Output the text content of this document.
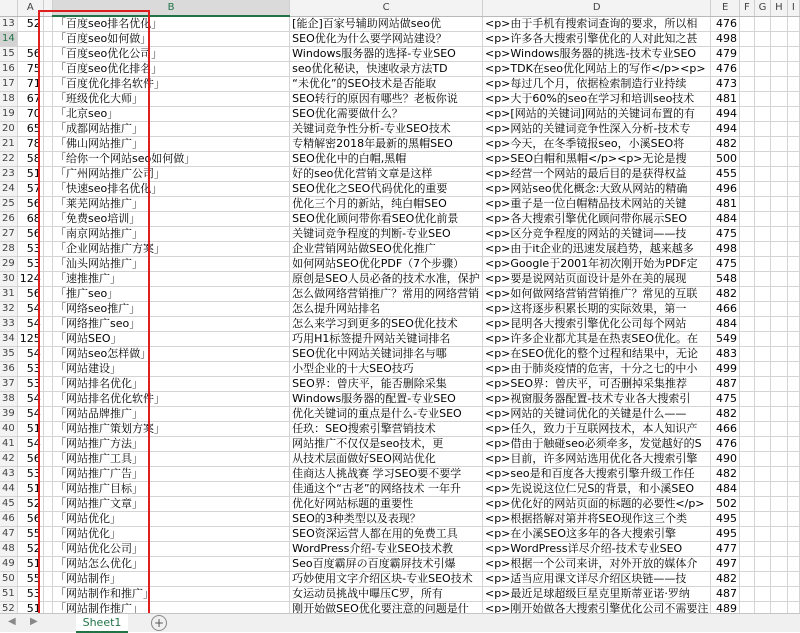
	A		B	C	D	E	F	G	H	I
13	52		「百度seo排名优化」	[能企]百家号辅助网站做seo优	<p>由于手机有搜索词查询的要求，所以相	476				
14			「百度seo如何做」	SEO优化为什么要学网站建设？	<p>许多各大搜索引擎优化的人对此知之甚	498				
15	56		「百度seo优化公司」	Windows服务器的选择-专业SEO	<p>Windows服务器的挑选-技术专业SEO	479				
16	75		「百度seo优化排名」	seo优化秘诀，快速收录方法TD	<p>TDK在seo优化网站上的写作</p><p>	476				
17	71		「百度优化排名软件」	“未优化”的SEO技术是否能取	<p>每过几个月，依据检索制造行业持续	473				
18	67		「班级优化大师」	SEO转行的原因有哪些？老板你说	<p>大于60%的seo在学习和培训seo技术	481				
19	70		「北京seo」	SEO优化需要做什么？	<p>[网站的关键词]网站的关键词布置的有	494				
20	65		「成都网站推广」	关键词竞争性分析-专业SEO技术	<p>网站的关键词竞争性深入分析-技术专	494				
21	78		「佛山网站推广」	专精解密2018年最新的黑帽SEO	<p>今天，在冬季镜报seo，小溪SEO将	482				
22	58		「给你一个网站seo如何做」	SEO优化中的白帽,黑帽	<p>SEO白帽和黑帽</p><p>无论是搜	500				
23	51		「广州网站推广公司」	好的seo优化营销文章是这样	<p>经营一个网站的最后目的是获得权益	455				
24	57		「快速seo排名优化」	SEO优化之SEO代码优化的重要	<p>网站seo优化概念:大致从网站的精确	496				
25	56		「莱芜网站推广」	优化三个月的新站，纯白帽SEO	<p>重子是一位白帽精品技术网站的关键	481				
26	68		「免费seo培训」	SEO优化顾问带你看SEO优化前景	<p>各大搜索引擎优化顾问带你展示SEO	484				
27	56		「南京网站推广」	关键词竞争程度的判断-专业SEO	<p>区分竞争程度的网站的关键词——技	475				
28	53		「企业网站推广方案」	企业营销网站做SEO优化推广	<p>由于it企业的迅速发展趋势，越来越多	498				
29	53		「汕头网站推广」	如何网站SEO优化PDF（7个步骤）	<p>Google于2001年初次刚开始为PDF定	475				
30	124		「速推推广」	原创是SEO人员必备的技术水准，保护	<p>要是说网站页面设计是外在美的展现	548				
31	56		「推广seo」	怎么做网络营销推广？常用的网络营销	<p>如何做网络营销营销推广？常见的互联	482				
32	54		「网络seo推广」	怎么提升网站排名	<p>这将逐步积累长期的实际效果，第一	466				
33	54		「网络推广seo」	怎么来学习到更多的SEO优化技术	<p>昆明各大搜索引擎优化公司每个网站	484				
34	125		「网站SEO」	巧用H1标签提升网站关键词排名	<p>许多企业都尤其是在热衷SEO优化。在	549				
35	54		「网站seo怎样做」	SEO优化中网站关键词排名与哪	<p>在SEO优化的整个过程和结果中，无论	483				
36	53		「网站建设」	小型企业的十大SEO技巧	<p>由于肺炎疫情的危害，十分之七的中小	499				
37	53		「网站排名优化」	SEO界：曾庆平，能否删除采集	<p>SEO界：曾庆平，可否删掉采集推荐	487				
38	54		「网站排名优化软件」	Windows服务器的配置-专业SEO	<p>视窗服务器配置-技术专业各大搜索引	475				
39	54		「网站品牌推广」	优化关键词的重点是什么-专业SEO	<p>网站的关键词优化的关键是什么——	482				
40	51		「网站推广策划方案」	任玖：SEO搜索引擎营销技术	<p>任久，致力于互联网技术，本人知识产	466				
41	54		「网站推广方法」	网站推广不仅仅是seo技术，更	<p>借由于触碰seo必须牵多，发觉越好的S	476				
42	56		「网站推广工具」	从技术层面做好SEO网站优化	<p>目前，许多网站选用优化各大搜索引擎	490				
43	53		「网站推广广告」	佳商达人挑战赛 学习SEO要不要学	<p>seo是和百度各大搜索引擎升级工作任	482				
44	51		「网站推广目标」	佳通这个“古老”的网络技术 一年升	<p>先说说这位仁兄S的背景，和小溪SEO	484				
45	52		「网站推广文章」	优化好网站标题的重要性	<p>优化好的网站页面的标题的必要性</p>	502				
46	56		「网站优化」	SEO的3种类型以及表现？	<p>根据搭解对第并将SEO现作这三个类	495				
47	55		「网站优化」	SEO资深运营人都在用的免费工具	<p>在小溪SEO这多年的各大搜索引擎	495				
48	52		「网站优化公司」	WordPress介绍-专业SEO技术教	<p>WordPress详尽介绍-技术专业SEO	477				
49	51		「网站怎么优化」	Seo百度霸屏の百度霸屏技术引爆	<p>根据一个公司来讲，对外开放的媒体介	497				
50	55		「网站制作」	巧妙使用文字介绍区块-专业SEO技术	<p>适当应用课文详尽介绍区块链——技	482				
51	53		「网站制作和推广」	女运动员挑战中曝压C罗，所有	<p>最近足球超级巨星克里斯蒂亚诺·罗纳	487				
52	51		「网站制作推广」	刚开始做SEO优化要注意的问题是什	<p>刚开始做各大搜索引擎优化公司不需要注	489				

◀ ▶	Sheet1	+
